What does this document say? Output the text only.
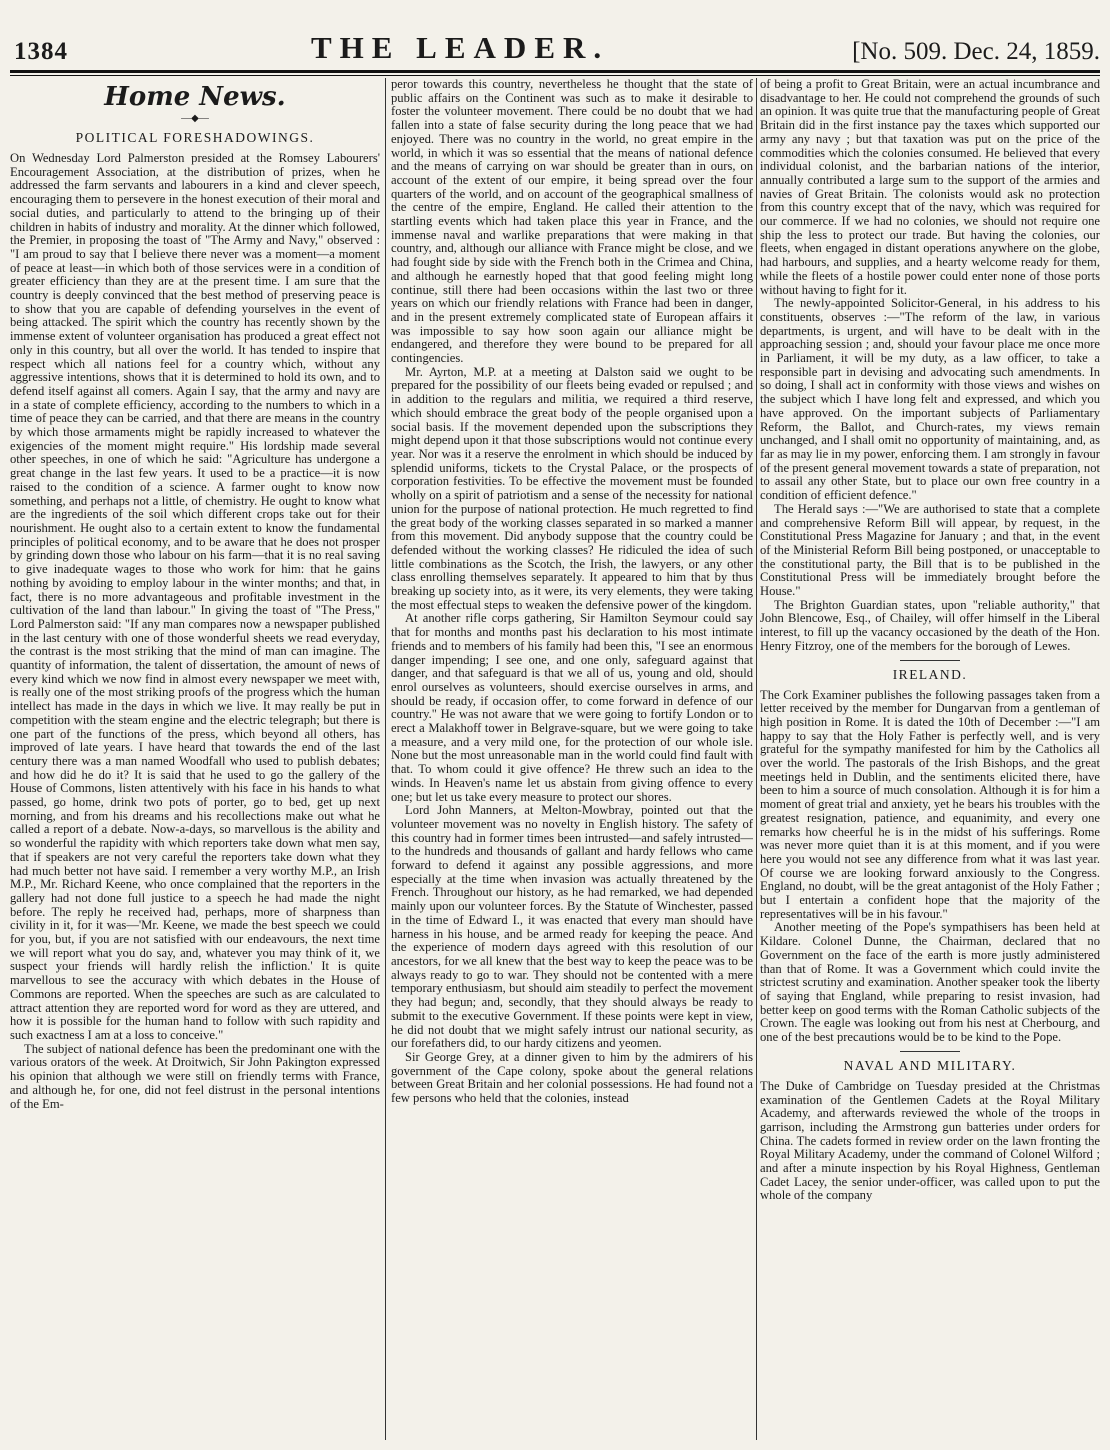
1384	THE LEADER.	[No. 509. Dec. 24, 1859.
Home News.
—◆—
POLITICAL FORESHADOWINGS.

On Wednesday Lord Palmerston presided at the Romsey Labourers' Encouragement Association, at the distribution of prizes, when he addressed the farm servants and labourers in a kind and clever speech, encouraging them to persevere in the honest execution of their moral and social duties, and particularly to attend to the bringing up of their children in habits of industry and morality. At the dinner which followed, the Premier, in proposing the toast of "The Army and Navy," observed : "I am proud to say that I believe there never was a moment—a moment of peace at least—in which both of those services were in a condition of greater efficiency than they are at the present time. I am sure that the country is deeply convinced that the best method of preserving peace is to show that you are capable of defending yourselves in the event of being attacked. The spirit which the country has recently shown by the immense extent of volunteer organisation has produced a great effect not only in this country, but all over the world. It has tended to inspire that respect which all nations feel for a country which, without any aggressive intentions, shows that it is determined to hold its own, and to defend itself against all comers. Again I say, that the army and navy are in a state of complete efficiency, according to the numbers to which in a time of peace they can be carried, and that there are means in the country by which those armaments might be rapidly increased to whatever the exigencies of the moment might require." His lordship made several other speeches, in one of which he said: "Agriculture has undergone a great change in the last few years. It used to be a practice—it is now raised to the condition of a science. A farmer ought to know now something, and perhaps not a little, of chemistry. He ought to know what are the ingredients of the soil which different crops take out for their nourishment. He ought also to a certain extent to know the fundamental principles of political economy, and to be aware that he does not prosper by grinding down those who labour on his farm—that it is no real saving to give inadequate wages to those who work for him: that he gains nothing by avoiding to employ labour in the winter months; and that, in fact, there is no more advantageous and profitable investment in the cultivation of the land than labour." In giving the toast of "The Press," Lord Palmerston said: "If any man compares now a newspaper published in the last century with one of those wonderful sheets we read everyday, the contrast is the most striking that the mind of man can imagine. The quantity of information, the talent of dissertation, the amount of news of every kind which we now find in almost every newspaper we meet with, is really one of the most striking proofs of the progress which the human intellect has made in the days in which we live. It may really be put in competition with the steam engine and the electric telegraph; but there is one part of the functions of the press, which beyond all others, has improved of late years. I have heard that towards the end of the last century there was a man named Woodfall who used to publish debates; and how did he do it? It is said that he used to go the gallery of the House of Commons, listen attentively with his face in his hands to what passed, go home, drink two pots of porter, go to bed, get up next morning, and from his dreams and his recollections make out what he called a report of a debate. Now-a-days, so marvellous is the ability and so wonderful the rapidity with which reporters take down what men say, that if speakers are not very careful the reporters take down what they had much better not have said. I remember a very worthy M.P., an Irish M.P., Mr. Richard Keene, who once complained that the reporters in the gallery had not done full justice to a speech he had made the night before. The reply he received had, perhaps, more of sharpness than civility in it, for it was—'Mr. Keene, we made the best speech we could for you, but, if you are not satisfied with our endeavours, the next time we will report what you do say, and, whatever you may think of it, we suspect your friends will hardly relish the infliction.' It is quite marvellous to see the accuracy with which debates in the House of Commons are reported. When the speeches are such as are calculated to attract attention they are reported word for word as they are uttered, and how it is possible for the human hand to follow with such rapidity and such exactness I am at a loss to conceive."

The subject of national defence has been the predominant one with the various orators of the week. At Droitwich, Sir John Pakington expressed his opinion that although we were still on friendly terms with France, and although he, for one, did not feel distrust in the personal intentions of the Em-

peror towards this country, nevertheless he thought that the state of public affairs on the Continent was such as to make it desirable to foster the volunteer movement. There could be no doubt that we had fallen into a state of false security during the long peace that we had enjoyed. There was no country in the world, no great empire in the world, in which it was so essential that the means of national defence and the means of carrying on war should be greater than in ours, on account of the extent of our empire, it being spread over the four quarters of the world, and on account of the geographical smallness of the centre of the empire, England. He called their attention to the startling events which had taken place this year in France, and the immense naval and warlike preparations that were making in that country, and, although our alliance with France might be close, and we had fought side by side with the French both in the Crimea and China, and although he earnestly hoped that that good feeling might long continue, still there had been occasions within the last two or three years on which our friendly relations with France had been in danger, and in the present extremely complicated state of European affairs it was impossible to say how soon again our alliance might be endangered, and therefore they were bound to be prepared for all contingencies.

Mr. Ayrton, M.P. at a meeting at Dalston said we ought to be prepared for the possibility of our fleets being evaded or repulsed ; and in addition to the regulars and militia, we required a third reserve, which should embrace the great body of the people organised upon a social basis. If the movement depended upon the subscriptions they might depend upon it that those subscriptions would not continue every year. Nor was it a reserve the enrolment in which should be induced by splendid uniforms, tickets to the Crystal Palace, or the prospects of corporation festivities. To be effective the movement must be founded wholly on a spirit of patriotism and a sense of the necessity for national union for the purpose of national protection. He much regretted to find the great body of the working classes separated in so marked a manner from this movement. Did anybody suppose that the country could be defended without the working classes? He ridiculed the idea of such little combinations as the Scotch, the Irish, the lawyers, or any other class enrolling themselves separately. It appeared to him that by thus breaking up society into, as it were, its very elements, they were taking the most effectual steps to weaken the defensive power of the kingdom.

At another rifle corps gathering, Sir Hamilton Seymour could say that for months and months past his declaration to his most intimate friends and to members of his family had been this, "I see an enormous danger impending; I see one, and one only, safeguard against that danger, and that safeguard is that we all of us, young and old, should enrol ourselves as volunteers, should exercise ourselves in arms, and should be ready, if occasion offer, to come forward in defence of our country." He was not aware that we were going to fortify London or to erect a Malakhoff tower in Belgrave-square, but we were going to take a measure, and a very mild one, for the protection of our whole isle. None but the most unreasonable man in the world could find fault with that. To whom could it give offence? He threw such an idea to the winds. In Heaven's name let us abstain from giving offence to every one; but let us take every measure to protect our shores.

Lord John Manners, at Melton-Mowbray, pointed out that the volunteer movement was no novelty in English history. The safety of this country had in former times been intrusted—and safely intrusted—to the hundreds and thousands of gallant and hardy fellows who came forward to defend it against any possible aggressions, and more especially at the time when invasion was actually threatened by the French. Throughout our history, as he had remarked, we had depended mainly upon our volunteer forces. By the Statute of Winchester, passed in the time of Edward I., it was enacted that every man should have harness in his house, and be armed ready for keeping the peace. And the experience of modern days agreed with this resolution of our ancestors, for we all knew that the best way to keep the peace was to be always ready to go to war. They should not be contented with a mere temporary enthusiasm, but should aim steadily to perfect the movement they had begun; and, secondly, that they should always be ready to submit to the executive Government. If these points were kept in view, he did not doubt that we might safely intrust our national security, as our forefathers did, to our hardy citizens and yeomen.

Sir George Grey, at a dinner given to him by the admirers of his government of the Cape colony, spoke about the general relations between Great Britain and her colonial possessions. He had found not a few persons who held that the colonies, instead

of being a profit to Great Britain, were an actual incumbrance and disadvantage to her. He could not comprehend the grounds of such an opinion. It was quite true that the manufacturing people of Great Britain did in the first instance pay the taxes which supported our army any navy ; but that taxation was put on the price of the commodities which the colonies consumed. He believed that every individual colonist, and the barbarian nations of the interior, annually contributed a large sum to the support of the armies and navies of Great Britain. The colonists would ask no protection from this country except that of the navy, which was required for our commerce. If we had no colonies, we should not require one ship the less to protect our trade. But having the colonies, our fleets, when engaged in distant operations anywhere on the globe, had harbours, and supplies, and a hearty welcome ready for them, while the fleets of a hostile power could enter none of those ports without having to fight for it.

The newly-appointed Solicitor-General, in his address to his constituents, observes :—"The reform of the law, in various departments, is urgent, and will have to be dealt with in the approaching session ; and, should your favour place me once more in Parliament, it will be my duty, as a law officer, to take a responsible part in devising and advocating such amendments. In so doing, I shall act in conformity with those views and wishes on the subject which I have long felt and expressed, and which you have approved. On the important subjects of Parliamentary Reform, the Ballot, and Church-rates, my views remain unchanged, and I shall omit no opportunity of maintaining, and, as far as may lie in my power, enforcing them. I am strongly in favour of the present general movement towards a state of preparation, not to assail any other State, but to place our own free country in a condition of efficient defence."

The Herald says :—"We are authorised to state that a complete and comprehensive Reform Bill will appear, by request, in the Constitutional Press Magazine for January ; and that, in the event of the Ministerial Reform Bill being postponed, or unacceptable to the constitutional party, the Bill that is to be published in the Constitutional Press will be immediately brought before the House."

The Brighton Guardian states, upon "reliable authority," that John Blencowe, Esq., of Chailey, will offer himself in the Liberal interest, to fill up the vacancy occasioned by the death of the Hon. Henry Fitzroy, one of the members for the borough of Lewes.

IRELAND.

The Cork Examiner publishes the following passages taken from a letter received by the member for Dungarvan from a gentleman of high position in Rome. It is dated the 10th of December :—"I am happy to say that the Holy Father is perfectly well, and is very grateful for the sympathy manifested for him by the Catholics all over the world. The pastorals of the Irish Bishops, and the great meetings held in Dublin, and the sentiments elicited there, have been to him a source of much consolation. Although it is for him a moment of great trial and anxiety, yet he bears his troubles with the greatest resignation, patience, and equanimity, and every one remarks how cheerful he is in the midst of his sufferings. Rome was never more quiet than it is at this moment, and if you were here you would not see any difference from what it was last year. Of course we are looking forward anxiously to the Congress. England, no doubt, will be the great antagonist of the Holy Father ; but I entertain a confident hope that the majority of the representatives will be in his favour."

Another meeting of the Pope's sympathisers has been held at Kildare. Colonel Dunne, the Chairman, declared that no Government on the face of the earth is more justly administered than that of Rome. It was a Government which could invite the strictest scrutiny and examination. Another speaker took the liberty of saying that England, while preparing to resist invasion, had better keep on good terms with the Roman Catholic subjects of the Crown. The eagle was looking out from his nest at Cherbourg, and one of the best precautions would be to be kind to the Pope.

NAVAL AND MILITARY.

The Duke of Cambridge on Tuesday presided at the Christmas examination of the Gentlemen Cadets at the Royal Military Academy, and afterwards reviewed the whole of the troops in garrison, including the Armstrong gun batteries under orders for China. The cadets formed in review order on the lawn fronting the Royal Military Academy, under the command of Colonel Wilford ; and after a minute inspection by his Royal Highness, Gentleman Cadet Lacey, the senior under-officer, was called upon to put the whole of the company
